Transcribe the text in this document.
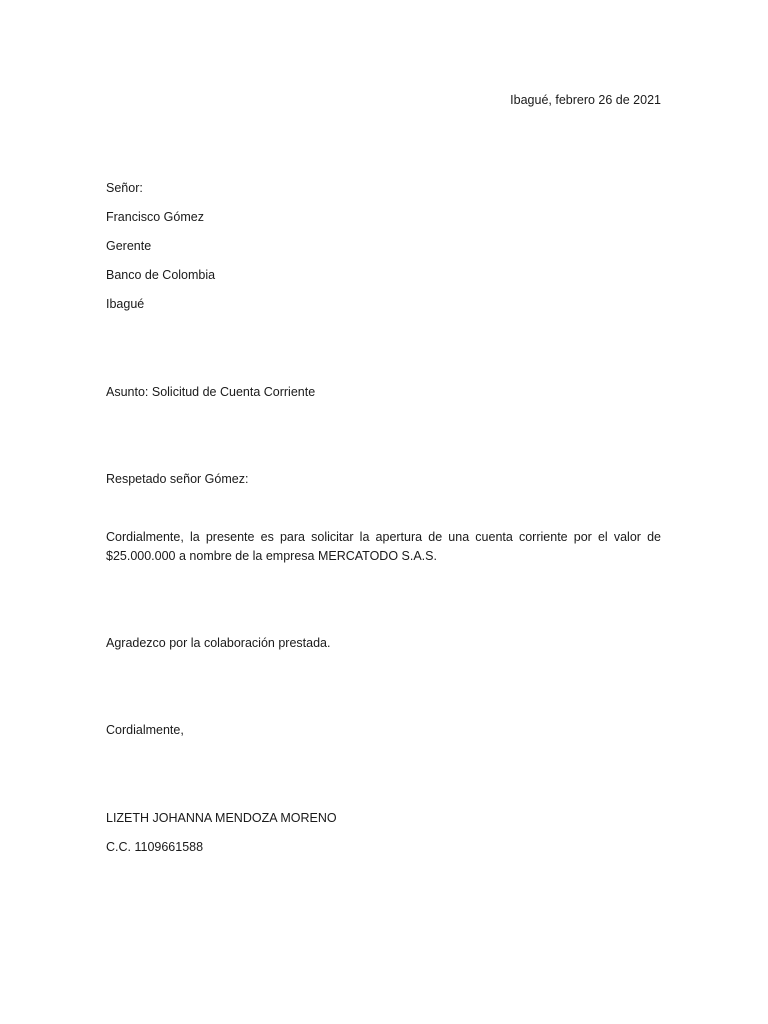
Ibagué, febrero 26 de 2021
Señor:
Francisco Gómez
Gerente
Banco de Colombia
Ibagué
Asunto: Solicitud de Cuenta Corriente
Respetado señor Gómez:
Cordialmente, la presente es para solicitar la apertura de una cuenta corriente por el valor de
$25.000.000 a nombre de la empresa MERCATODO S.A.S.
Agradezco por la colaboración prestada.
Cordialmente,
LIZETH JOHANNA MENDOZA MORENO
C.C. 1109661588
